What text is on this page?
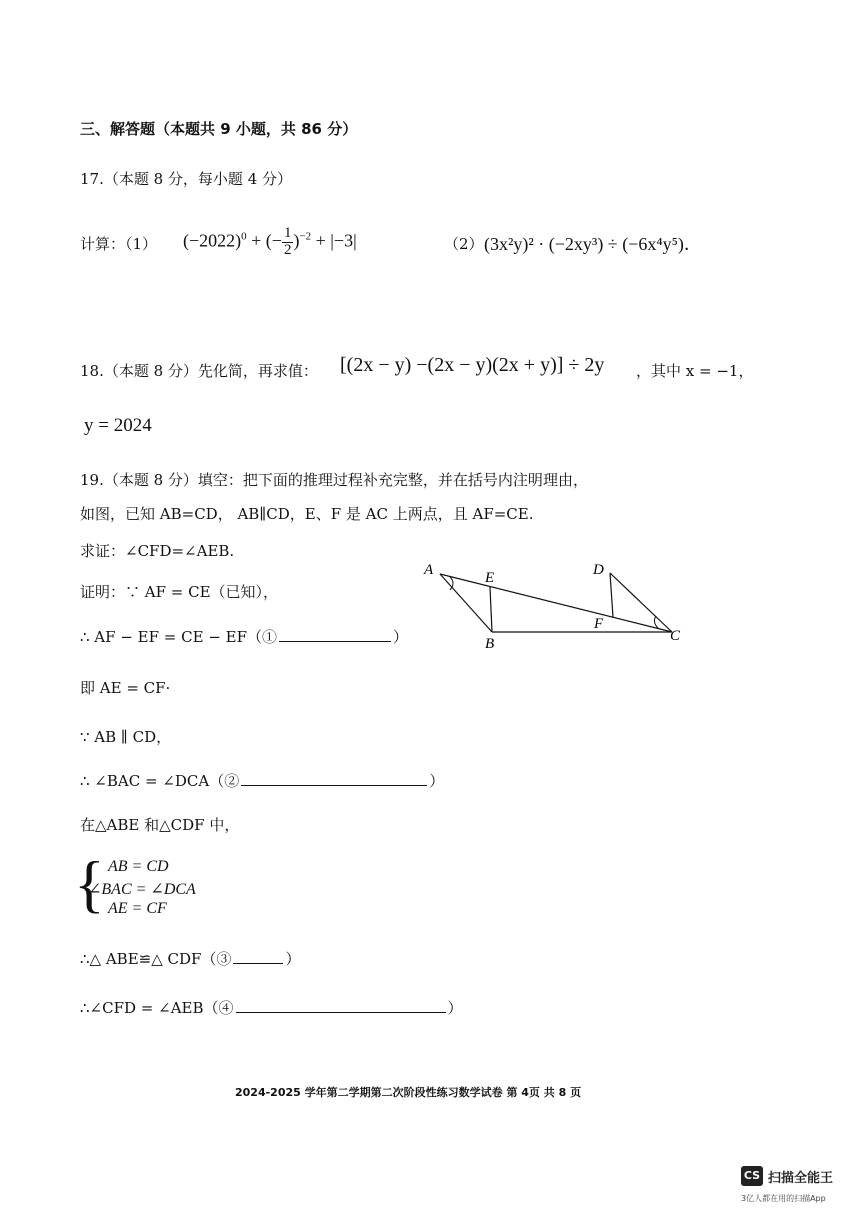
三、解答题（本题共 9 小题，共 86 分）
17.（本题 8 分，每小题 4 分）
计算：（1） $(-2022)^0$ + (− $\frac{1}{2} )^{-2} + |-3|$	（2） (3x²y)² · (−2xy³) ÷ (−6x⁴y⁵)．
18.（本题 8 分）先化简，再求值： [(2x − y) −(2x − y)(2x + y)] ÷ 2y ，其中 x = −1，
y = 2024
19.（本题 8 分）填空：把下面的推理过程补充完整，并在括号内注明理由，
如图，已知 AB=CD， AB∥CD，E、F 是 AC 上两点，且 AF=CE.
求证：∠CFD=∠AEB.
证明：∵ AF = CE（已知），
∴ AF − EF = CE − EF（①	）
即 AE = CF·
∵ AB ∥ CD，
∴ ∠BAC = ∠DCA（②	）
在△ABE 和△CDF 中，
{ AB = CD
∠BAC = ∠DCA
AE = CF
∴△ ABE≌△ CDF（③	）
∴∠CFD = ∠AEB（④	）
A	E	D
F
B	C
2024-2025 学年第二学期第二次阶段性练习数学试卷 第 4页 共 8 页
CS 扫描全能王
3亿人都在用的扫描App
